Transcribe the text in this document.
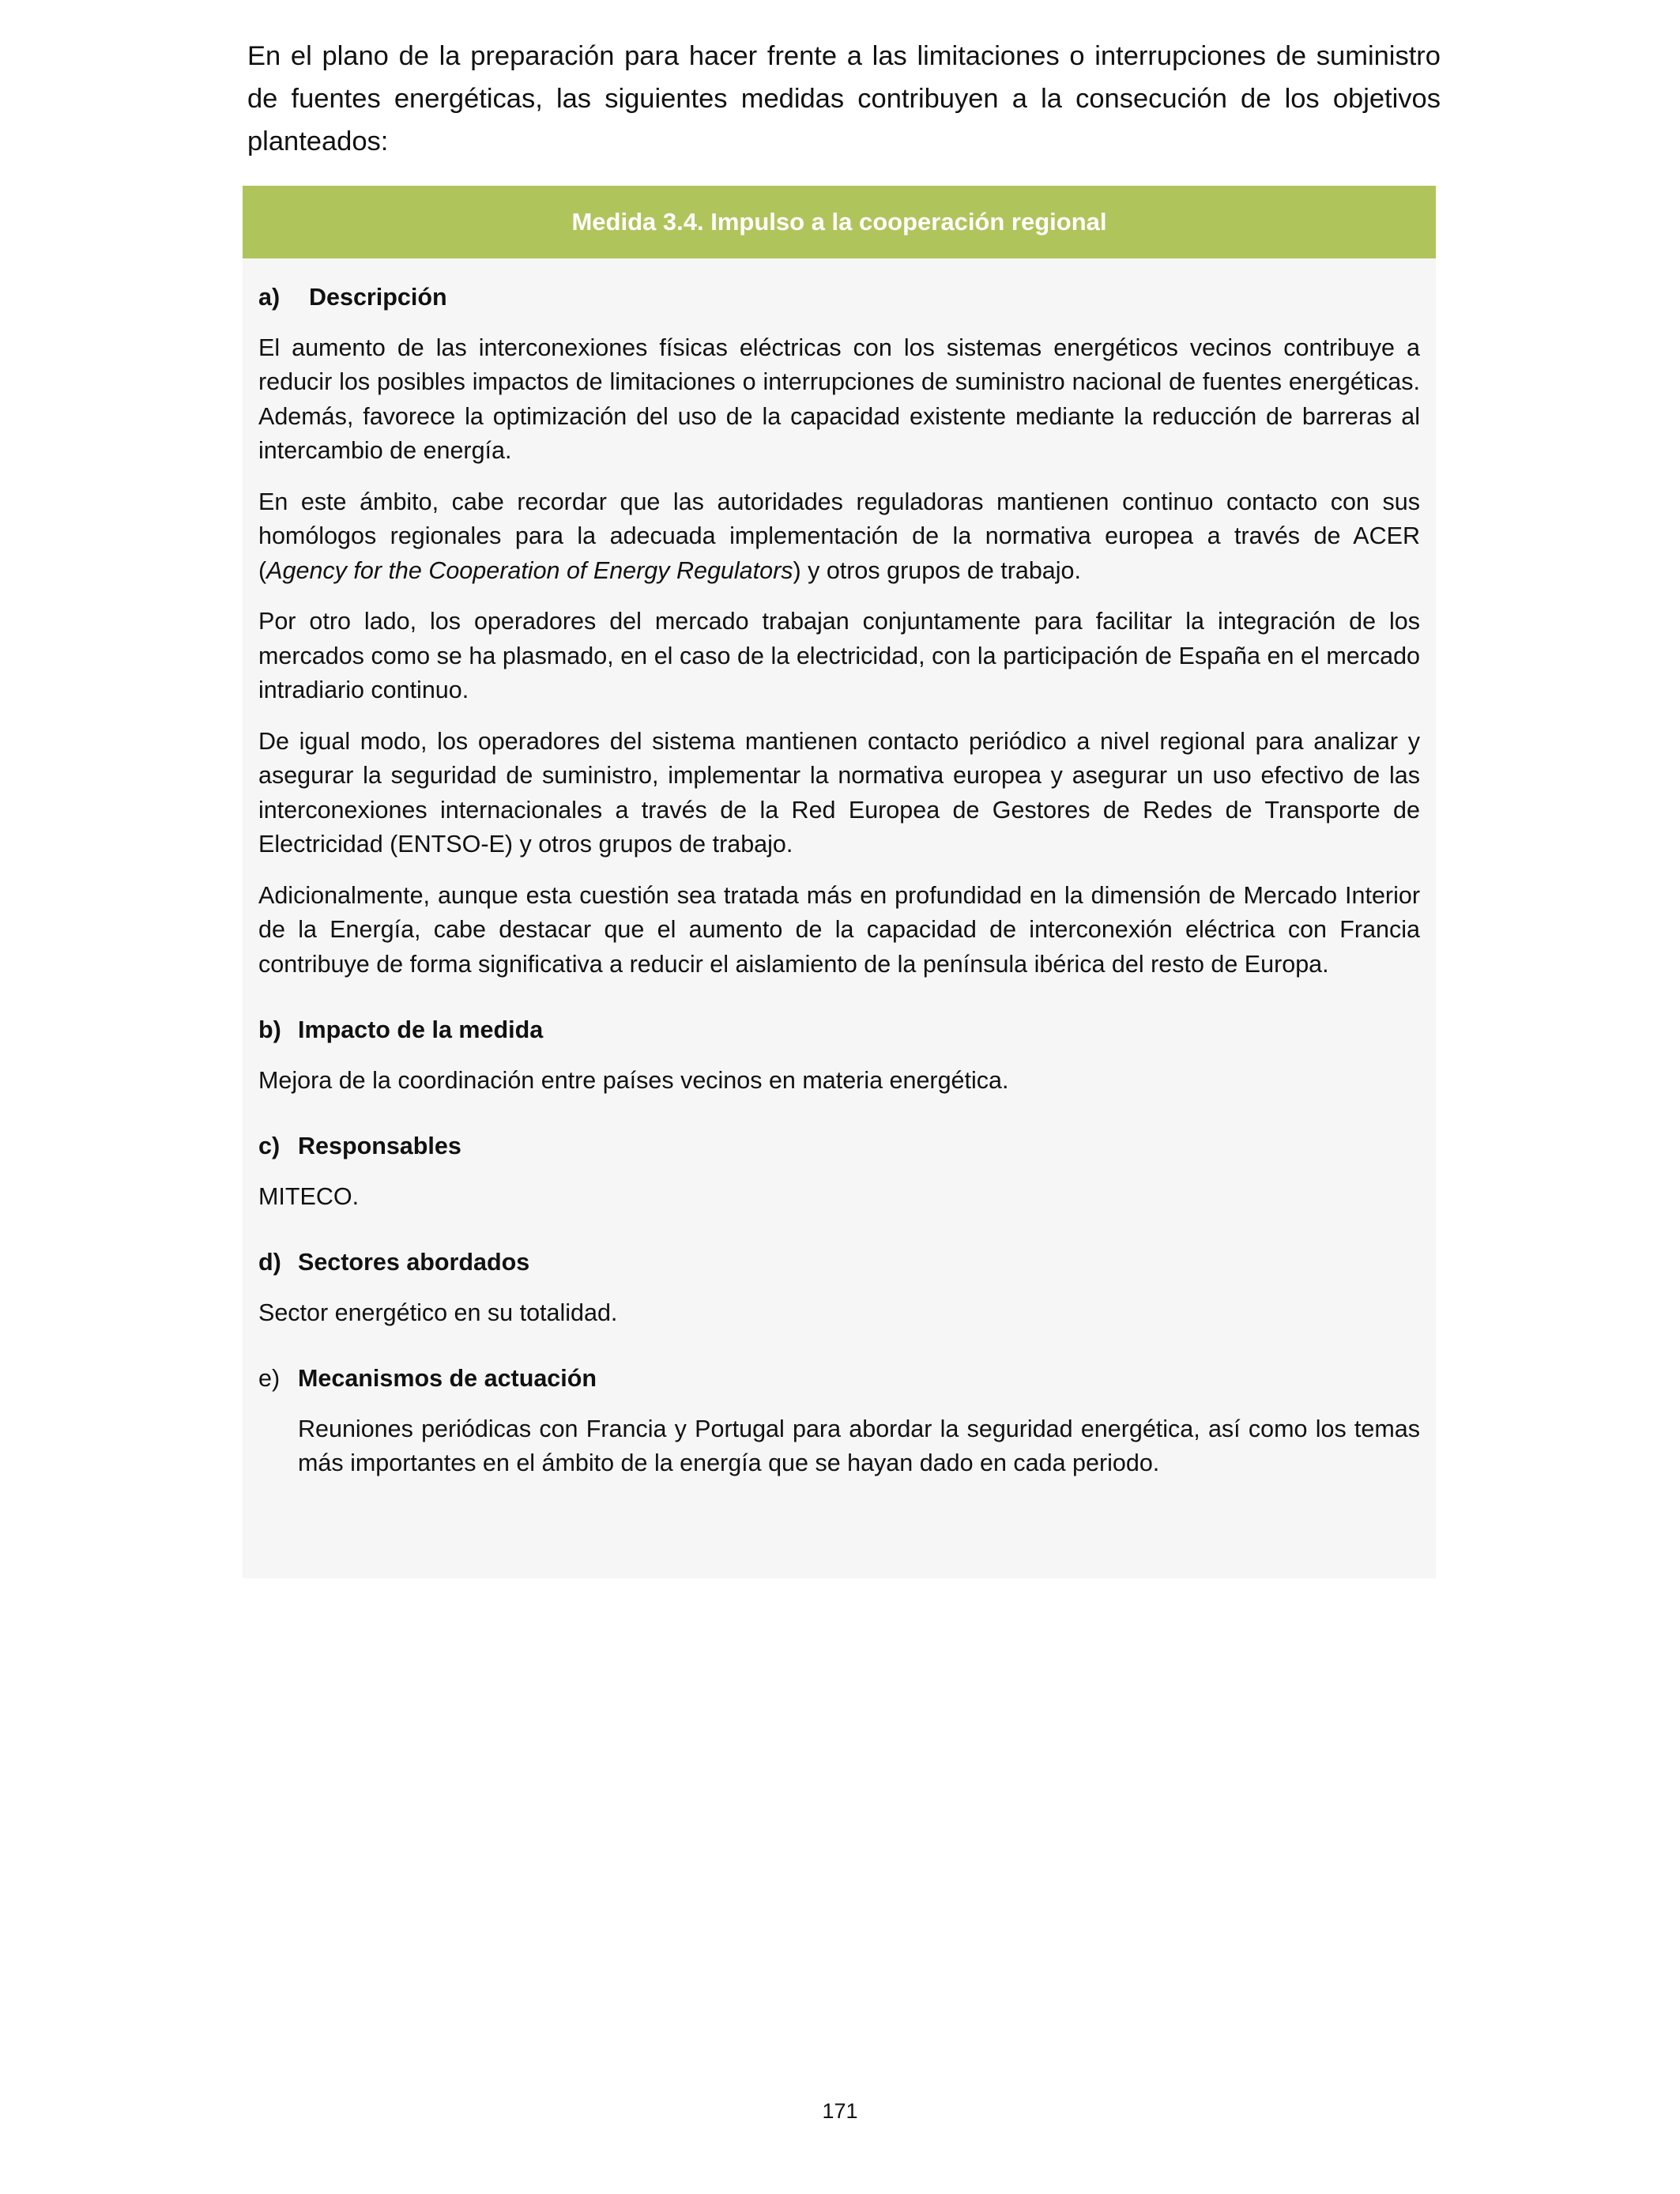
En el plano de la preparación para hacer frente a las limitaciones o interrupciones de suministro de fuentes energéticas, las siguientes medidas contribuyen a la consecución de los objetivos planteados:

Medida 3.4. Impulso a la cooperación regional
a)	Descripción

El aumento de las interconexiones físicas eléctricas con los sistemas energéticos vecinos contribuye a reducir los posibles impactos de limitaciones o interrupciones de suministro nacional de fuentes energéticas. Además, favorece la optimización del uso de la capacidad existente mediante la reducción de barreras al intercambio de energía.

En este ámbito, cabe recordar que las autoridades reguladoras mantienen continuo contacto con sus homólogos regionales para la adecuada implementación de la normativa europea a través de ACER (Agency for the Cooperation of Energy Regulators) y otros grupos de trabajo.

Por otro lado, los operadores del mercado trabajan conjuntamente para facilitar la integración de los mercados como se ha plasmado, en el caso de la electricidad, con la participación de España en el mercado intradiario continuo.

De igual modo, los operadores del sistema mantienen contacto periódico a nivel regional para analizar y asegurar la seguridad de suministro, implementar la normativa europea y asegurar un uso efectivo de las interconexiones internacionales a través de la Red Europea de Gestores de Redes de Transporte de Electricidad (ENTSO-E) y otros grupos de trabajo.

Adicionalmente, aunque esta cuestión sea tratada más en profundidad en la dimensión de Mercado Interior de la Energía, cabe destacar que el aumento de la capacidad de interconexión eléctrica con Francia contribuye de forma significativa a reducir el aislamiento de la península ibérica del resto de Europa.

b) Impacto de la medida

Mejora de la coordinación entre países vecinos en materia energética.

c) Responsables

MITECO.

d) Sectores abordados

Sector energético en su totalidad.

e) Mecanismos de actuación

Reuniones periódicas con Francia y Portugal para abordar la seguridad energética, así como los temas más importantes en el ámbito de la energía que se hayan dado en cada periodo.

171
